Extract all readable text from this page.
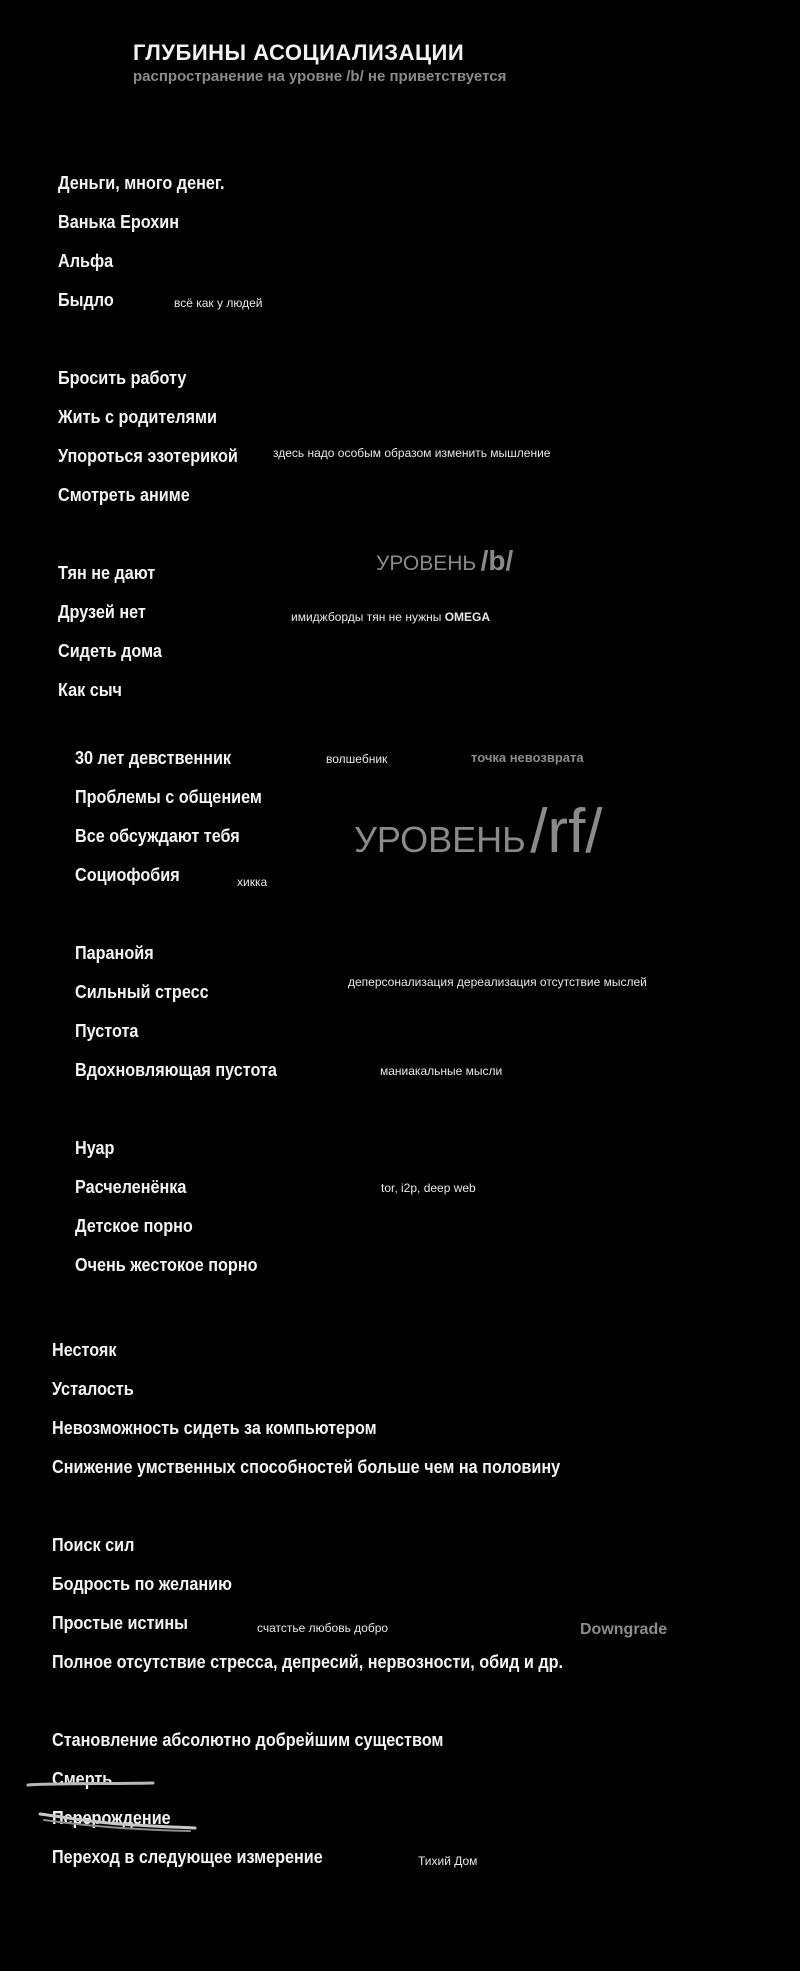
ГЛУБИНЫ АСОЦИАЛИЗАЦИИ
распространение на уровне /b/ не приветствуется
Деньги, много денег.
Ванька Ерохин
Альфа
Быдло	всё как у людей
Бросить работу
Жить с родителями
Упороться эзотерикой	здесь надо особым образом изменить мышление
Смотреть аниме
Тян не дают	УРОВЕНЬ /b/
Друзей нет	имиджборды тян не нужны OMEGA
Сидеть дома
Как сыч
30 лет девственник	волшебник	точка невозврата
Проблемы с общением
УРОВЕНЬ /rf/
Все обсуждают тебя
Социофобия	хикка
Паранойя
Сильный стресс	деперсонализация дереализация отсутствие мыслей
Пустота
Вдохновляющая пустота	маниакальные мысли
Нуар
Расчеленёнка	tor, i2p, deep web
Детское порно
Очень жестокое порно
Нестояк
Усталость
Невозможность сидеть за компьютером
Снижение умственных способностей больше чем на половину
Поиск сил
Бодрость по желанию
Простые истины	счатстье любовь добро	Downgrade
Полное отсутствие стресса, депресий, нервозности, обид и др.
Становление абсолютно добрейшим существом
Смерть
Перерождение
Переход в следующее измерение	Тихий Дом
